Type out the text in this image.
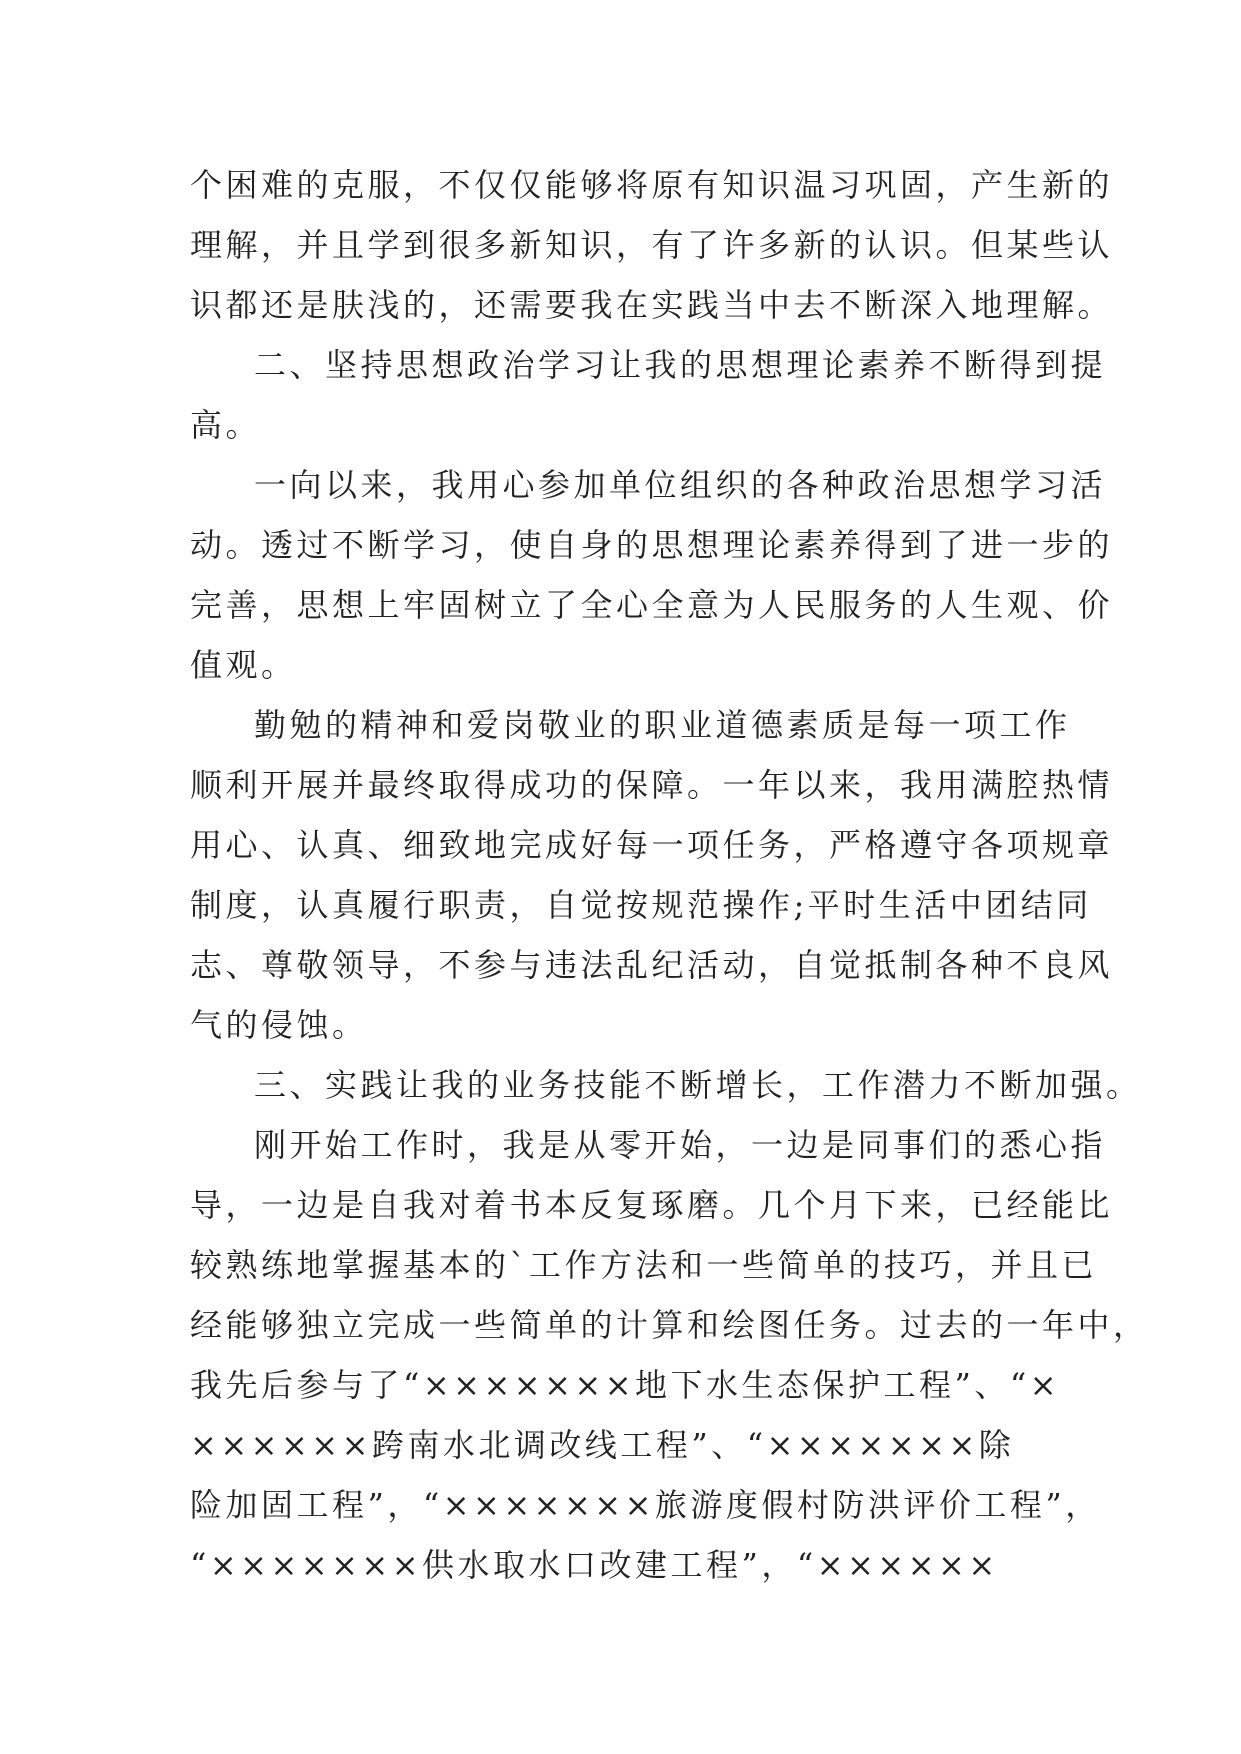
个困难的克服，不仅仅能够将原有知识温习巩固，产生新的
理解，并且学到很多新知识，有了许多新的认识。但某些认
识都还是肤浅的，还需要我在实践当中去不断深入地理解。
二、坚持思想政治学习让我的思想理论素养不断得到提
高。
一向以来，我用心参加单位组织的各种政治思想学习活
动。透过不断学习，使自身的思想理论素养得到了进一步的
完善，思想上牢固树立了全心全意为人民服务的人生观、价
值观。
勤勉的精神和爱岗敬业的职业道德素质是每一项工作
顺利开展并最终取得成功的保障。一年以来，我用满腔热情
用心、认真、细致地完成好每一项任务，严格遵守各项规章
制度，认真履行职责，自觉按规范操作;平时生活中团结同
志、尊敬领导，不参与违法乱纪活动，自觉抵制各种不良风
气的侵蚀。
三、实践让我的业务技能不断增长，工作潜力不断加强。
刚开始工作时，我是从零开始，一边是同事们的悉心指
导，一边是自我对着书本反复琢磨。几个月下来，已经能比
较熟练地掌握基本的`工作方法和一些简单的技巧，并且已
经能够独立完成一些简单的计算和绘图任务。过去的一年中，
我先后参与了“×××××××地下水生态保护工程”、“×
××××××跨南水北调改线工程”、“×××××××除
险加固工程”，“×××××××旅游度假村防洪评价工程”，
“×××××××供水取水口改建工程”，“××××××
